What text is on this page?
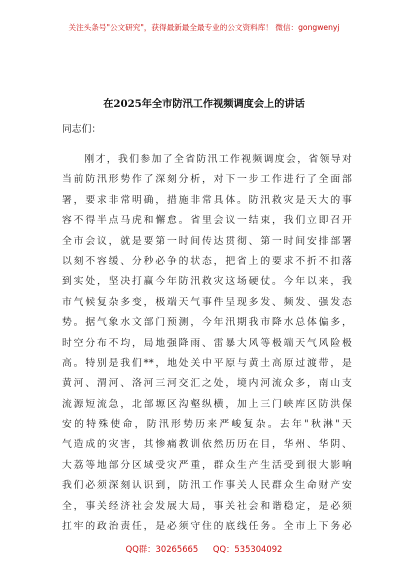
关注头条号"公文研究"，获得最新最全最专业的公文资料库！ 微信：gongwenyj
在2025年全市防汛工作视频调度会上的讲话
同志们：
　　刚才，我们参加了全省防汛工作视频调度会，省领导对
当前防汛形势作了深刻分析，对下一步工作进行了全面部
署，要求非常明确，措施非常具体。防汛救灾是天大的事
容不得半点马虎和懈怠。省里会议一结束，我们立即召开
全市会议，就是要第一时间传达贯彻、第一时间安排部署
以刻不容缓、分秒必争的状态，把省上的要求不折不扣落
到实处，坚决打赢今年防汛救灾这场硬仗。今年以来，我
市气候复杂多变，极端天气事件呈现多发、频发、强发态
势。据气象水文部门预测，今年汛期我市降水总体偏多，
时空分布不均，局地强降雨、雷暴大风等极端天气风险极
高。特别是我们**，地处关中平原与黄土高原过渡带，是
黄河、渭河、洛河三河交汇之处，境内河流众多，南山支
流源短流急，北部塬区沟壑纵横，加上三门峡库区防洪保
安的特殊使命，防汛形势历来严峻复杂。去年"秋淋"天
气造成的灾害，其惨痛教训依然历历在目，华州、华阴、
大荔等地部分区域受灾严重，群众生产生活受到很大影响
我们必须深刻认识到，防汛工作事关人民群众生命财产安
全，事关经济社会发展大局，事关社会和谐稳定，是必须
扛牢的政治责任，是必须守住的底线任务。全市上下务必
QQ群：30265665 QQ：535304092
